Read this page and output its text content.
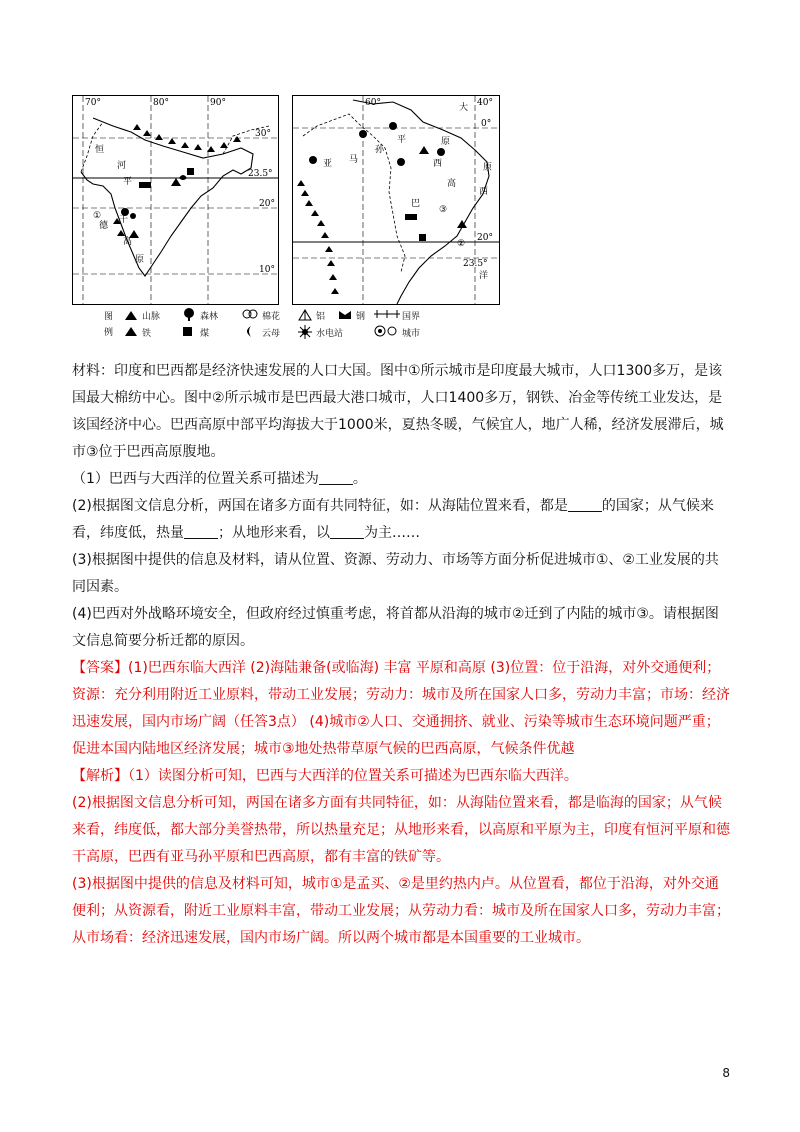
恒
河
平
德
干
高
原
①
70°	80°	90°
30°
23.5°
20°
10°
亚 马
孙
平	原
巴
西
高
原
大
西
洋
③
②
60°	40°
0°
20°
23.5°
图
例
山脉	森林	棉花	铝	钢	国界
铁	煤	云母	水电站	城市

材料：印度和巴西都是经济快速发展的人口大国。图中①所示城市是印度最大城市，人口1300多万，是该国最大棉纺中心。图中②所示城市是巴西最大港口城市，人口1400多万，钢铁、冶金等传统工业发达，是该国经济中心。巴西高原中部平均海拔大于1000米，夏热冬暖，气候宜人，地广人稀，经济发展滞后，城市③位于巴西高原腹地。

（1）巴西与大西洋的位置关系可描述为 。

(2)根据图文信息分析，两国在诸多方面有共同特征，如：从海陆位置来看，都是 的国家；从气候来看，纬度低，热量 ；从地形来看，以 为主……

(3)根据图中提供的信息及材料，请从位置、资源、劳动力、市场等方面分析促进城市①、②工业发展的共同因素。

(4)巴西对外战略环境安全，但政府经过慎重考虑，将首都从沿海的城市②迁到了内陆的城市③。请根据图文信息简要分析迁都的原因。

【答案】(1)巴西东临大西洋 (2)海陆兼备(或临海) 丰富 平原和高原 (3)位置：位于沿海，对外交通便利；资源：充分利用附近工业原料，带动工业发展；劳动力：城市及所在国家人口多，劳动力丰富；市场：经济迅速发展，国内市场广阔（任答3点） (4)城市②人口、交通拥挤、就业、污染等城市生态环境问题严重；促进本国内陆地区经济发展；城市③地处热带草原气候的巴西高原，气候条件优越

【解析】（1）读图分析可知，巴西与大西洋的位置关系可描述为巴西东临大西洋。

(2)根据图文信息分析可知，两国在诸多方面有共同特征，如：从海陆位置来看，都是临海的国家；从气候来看，纬度低，都大部分美誉热带，所以热量充足；从地形来看，以高原和平原为主，印度有恒河平原和德干高原，巴西有亚马孙平原和巴西高原，都有丰富的铁矿等。

(3)根据图中提供的信息及材料可知，城市①是孟买、②是里约热内卢。从位置看，都位于沿海，对外交通便利；从资源看，附近工业原料丰富，带动工业发展；从劳动力看：城市及所在国家人口多，劳动力丰富；从市场看：经济迅速发展，国内市场广阔。所以两个城市都是本国重要的工业城市。

8
